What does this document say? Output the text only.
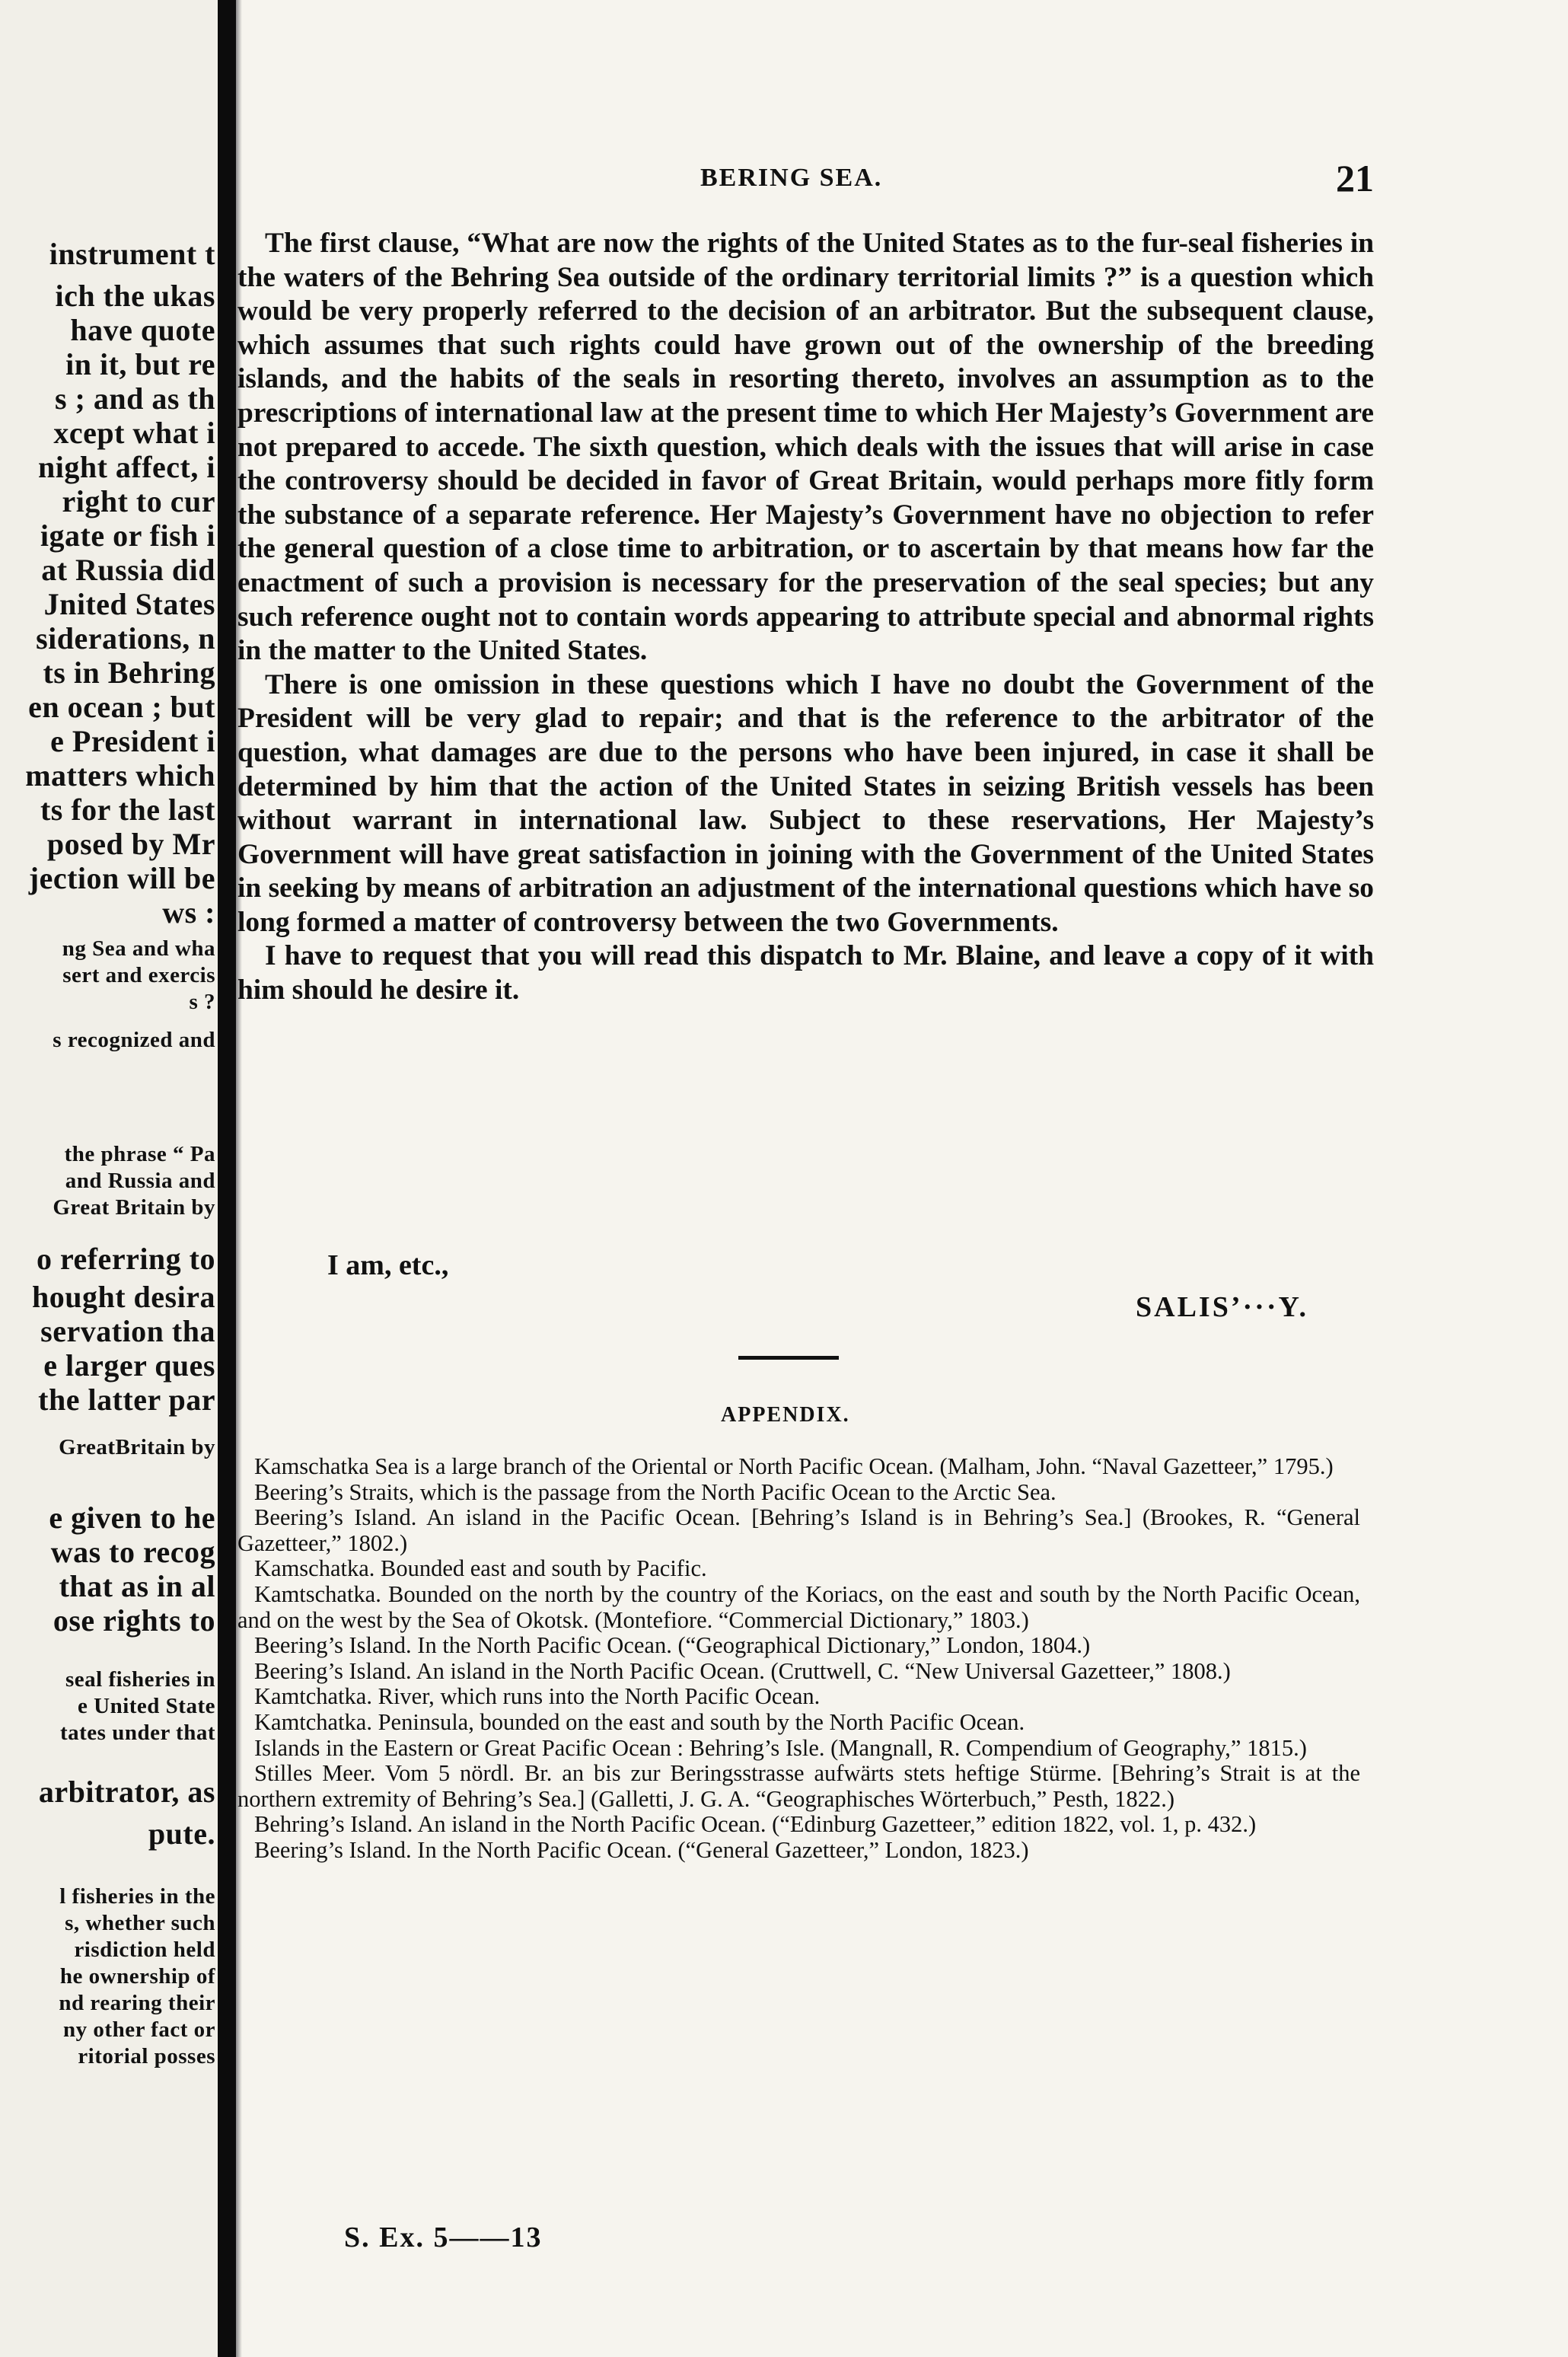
instrument t
ich the ukas
have quote
in it, but re
s ; and as th
xcept what i
night affect, i
right to cur
igate or fish i
at Russia did
Jnited States
siderations, n
ts in Behring
en ocean ; but
e President i
matters which
ts for the last
posed by Mr
jection will be
ws :
ng Sea and wha
sert and exercis
s ?
s recognized and
the phrase “ Pa
and Russia and
Great Britain by
o referring to
hought desira
servation tha
e larger ques
the latter par
GreatBritain by
e given to he
was to recog
that as in al
ose rights to
seal fisheries in
e United State
tates under that
arbitrator, as
pute.
l fisheries in the
s, whether such
risdiction held
he ownership of
nd rearing their
ny other fact or
ritorial posses
BERING SEA.	21

The first clause, “What are now the rights of the United States as to the fur-seal fisheries in the waters of the Behring Sea outside of the ordinary territorial limits ?” is a question which would be very properly referred to the decision of an arbitrator. But the subsequent clause, which assumes that such rights could have grown out of the ownership of the breeding islands, and the habits of the seals in resorting thereto, involves an assumption as to the prescriptions of international law at the present time to which Her Majesty’s Government are not prepared to accede. The sixth question, which deals with the issues that will arise in case the controversy should be decided in favor of Great Britain, would perhaps more fitly form the substance of a separate reference. Her Majesty’s Government have no objection to refer the general question of a close time to arbitration, or to ascertain by that means how far the enactment of such a provision is necessary for the preservation of the seal species; but any such reference ought not to contain words appearing to attribute special and abnormal rights in the matter to the United States.

There is one omission in these questions which I have no doubt the Government of the President will be very glad to repair; and that is the reference to the arbitrator of the question, what damages are due to the persons who have been injured, in case it shall be determined by him that the action of the United States in seizing British vessels has been without warrant in international law. Subject to these reservations, Her Majesty’s Government will have great satisfaction in joining with the Government of the United States in seeking by means of arbitration an adjustment of the international questions which have so long formed a matter of controversy between the two Governments.

I have to request that you will read this dispatch to Mr. Blaine, and leave a copy of it with him should he desire it.

I am, etc.,
SALIS’···Y.
APPENDIX.

Kamschatka Sea is a large branch of the Oriental or North Pacific Ocean. (Malham, John. “Naval Gazetteer,” 1795.)

Beering’s Straits, which is the passage from the North Pacific Ocean to the Arctic Sea.

Beering’s Island. An island in the Pacific Ocean. [Behring’s Island is in Behring’s Sea.] (Brookes, R. “General Gazetteer,” 1802.)

Kamschatka. Bounded east and south by Pacific.

Kamtschatka. Bounded on the north by the country of the Koriacs, on the east and south by the North Pacific Ocean, and on the west by the Sea of Okotsk. (Montefiore. “Commercial Dictionary,” 1803.)

Beering’s Island. In the North Pacific Ocean. (“Geographical Dictionary,” London, 1804.)

Beering’s Island. An island in the North Pacific Ocean. (Cruttwell, C. “New Universal Gazetteer,” 1808.)

Kamtchatka. River, which runs into the North Pacific Ocean.

Kamtchatka. Peninsula, bounded on the east and south by the North Pacific Ocean.

Islands in the Eastern or Great Pacific Ocean : Behring’s Isle. (Mangnall, R. Compendium of Geography,” 1815.)

Stilles Meer. Vom 5 nördl. Br. an bis zur Beringsstrasse aufwärts stets heftige Stürme. [Behring’s Strait is at the northern extremity of Behring’s Sea.] (Galletti, J. G. A. “Geographisches Wörterbuch,” Pesth, 1822.)

Behring’s Island. An island in the North Pacific Ocean. (“Edinburg Gazetteer,” edition 1822, vol. 1, p. 432.)

Beering’s Island. In the North Pacific Ocean. (“General Gazetteer,” London, 1823.)

S. Ex. 5——13
